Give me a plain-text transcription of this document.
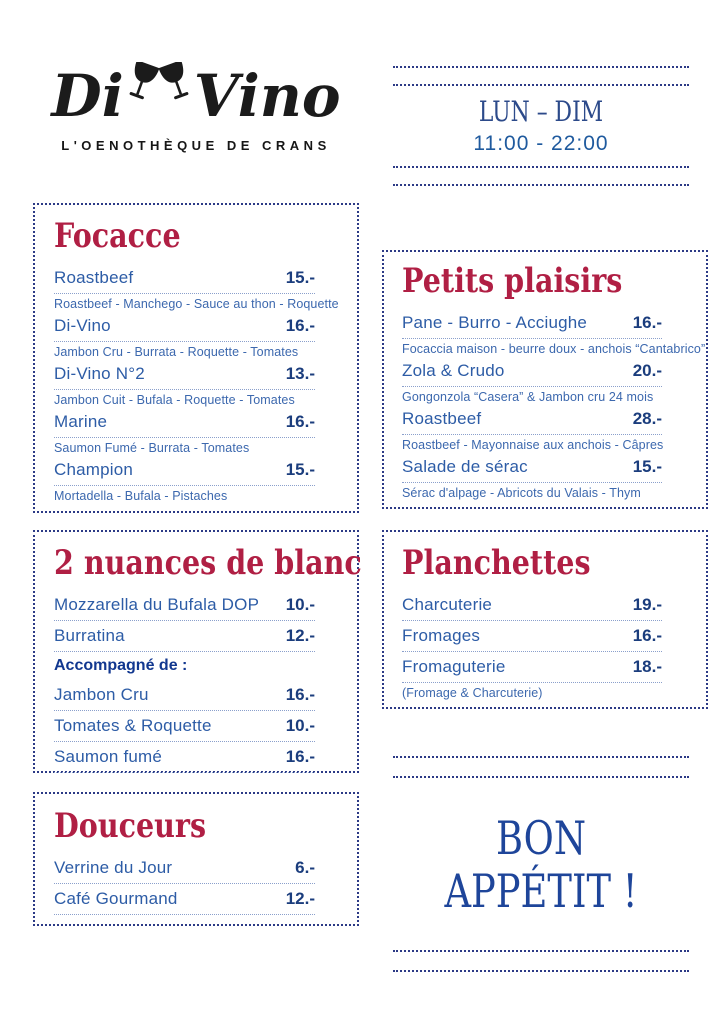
Di Vino
L'OENOTHÈQUE DE CRANS
LUN – DIM
11:00 - 22:00
Focacce
Roastbeef	15.-
Roastbeef - Manchego - Sauce au thon - Roquette
Di-Vino	16.-
Jambon Cru - Burrata - Roquette - Tomates
Di-Vino N°2	13.-
Jambon Cuit - Bufala - Roquette - Tomates
Marine	16.-
Saumon Fumé - Burrata - Tomates
Champion	15.-
Mortadella - Bufala - Pistaches
Petits plaisirs
Pane - Burro - Acciughe	16.-
Focaccia maison - beurre doux - anchois “Cantabrico”
Zola & Crudo	20.-
Gongonzola “Casera” & Jambon cru 24 mois
Roastbeef	28.-
Roastbeef - Mayonnaise aux anchois - Câpres
Salade de sérac	15.-
Sérac d'alpage - Abricots du Valais - Thym
2 nuances de blanc
Mozzarella du Bufala DOP 10.-
Burratina	12.-
Accompagné de :
Jambon Cru	16.-
Tomates & Roquette	10.-
Saumon fumé	16.-
Planchettes
Charcuterie	19.-
Fromages	16.-
Fromaguterie	18.-
(Fromage & Charcuterie)
Douceurs
Verrine du Jour	6.-
Café Gourmand	12.-
BON
APPÉTIT !
